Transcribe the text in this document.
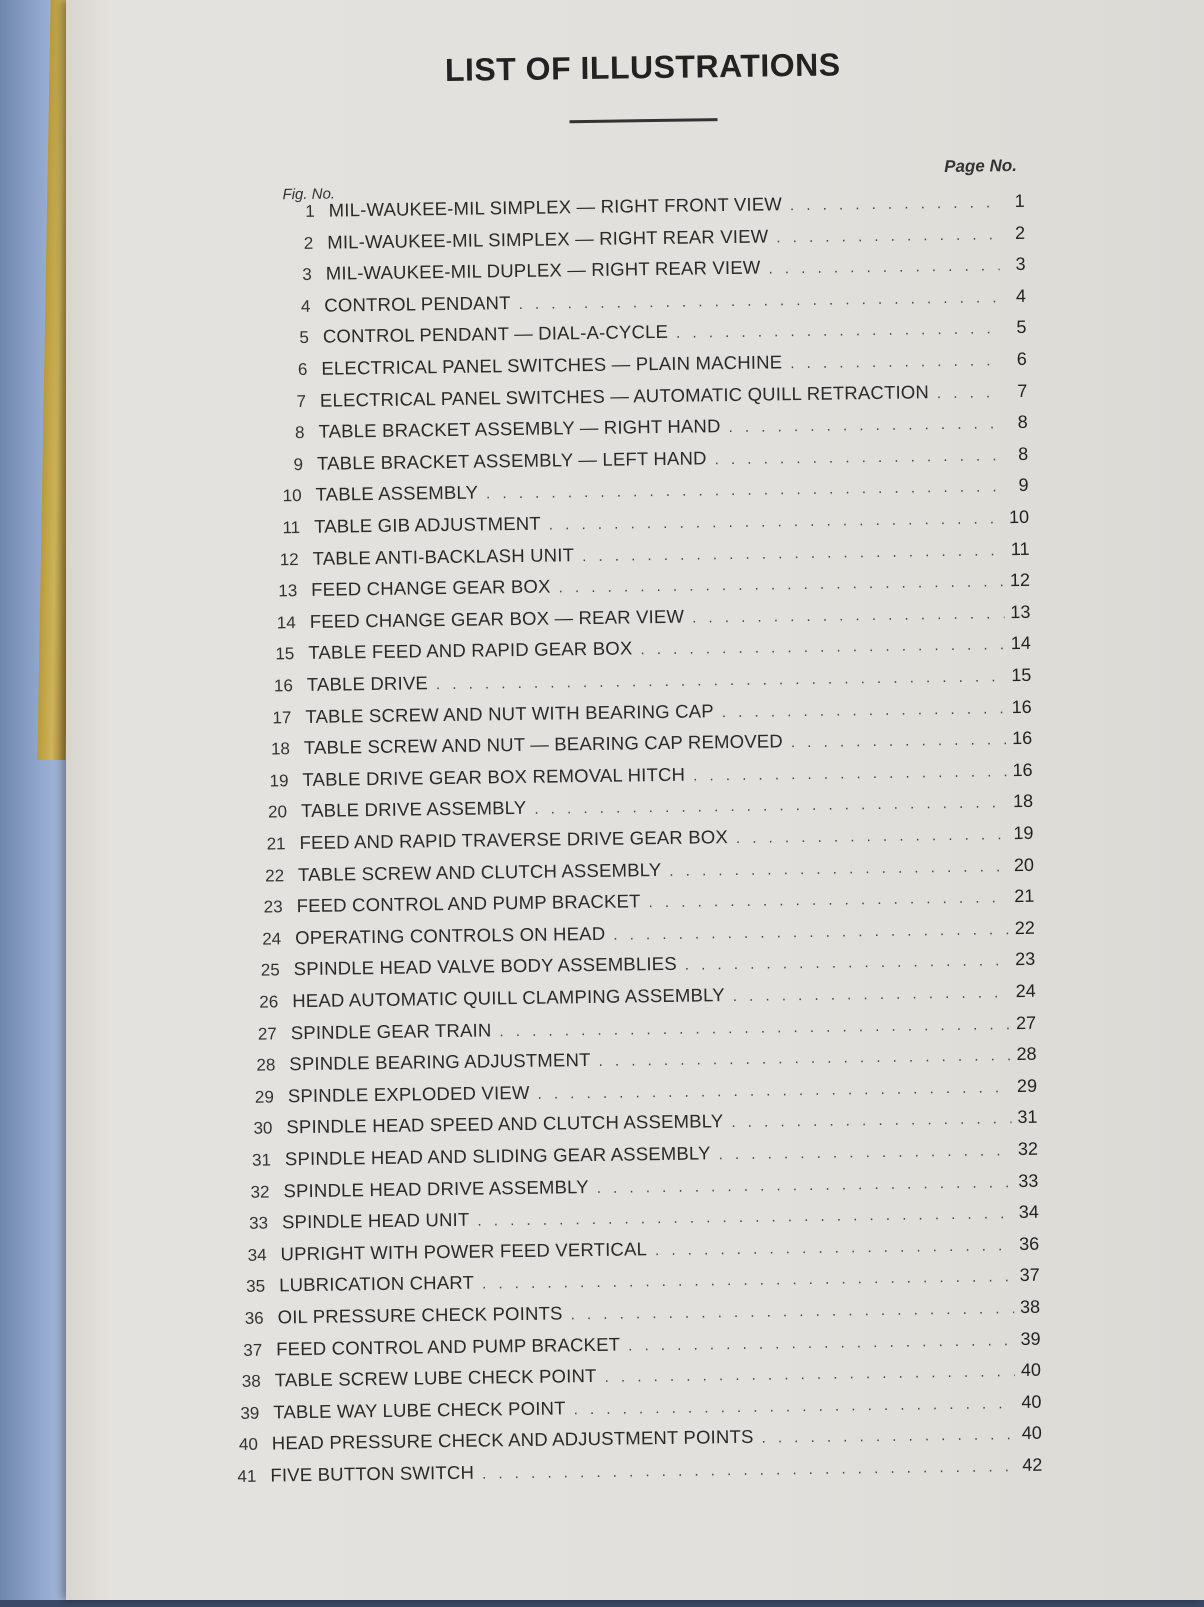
LIST OF ILLUSTRATIONS
Page No.
Fig. No.
1 MIL-WAUKEE-MIL SIMPLEX — RIGHT FRONT VIEW . . .	1
2 MIL-WAUKEE-MIL SIMPLEX — RIGHT REAR VIEW . . .	2
3 MIL-WAUKEE-MIL DUPLEX — RIGHT REAR VIEW . . .	3
4 CONTROL PENDANT . . .	4
5 CONTROL PENDANT — DIAL-A-CYCLE . . .	5
6 ELECTRICAL PANEL SWITCHES — PLAIN MACHINE . . .	6
7 ELECTRICAL PANEL SWITCHES — AUTOMATIC QUILL RETRACTION . . .	7
8 TABLE BRACKET ASSEMBLY — RIGHT HAND . . .	8
9 TABLE BRACKET ASSEMBLY — LEFT HAND . . .	8
10 TABLE ASSEMBLY . . .	9
11 TABLE GIB ADJUSTMENT . . .	10
12 TABLE ANTI-BACKLASH UNIT . . .	11
13 FEED CHANGE GEAR BOX . . .	12
14 FEED CHANGE GEAR BOX — REAR VIEW . . .	13
15 TABLE FEED AND RAPID GEAR BOX . . .	14
16 TABLE DRIVE . . .	15
17 TABLE SCREW AND NUT WITH BEARING CAP . . .	16
18 TABLE SCREW AND NUT — BEARING CAP REMOVED . . .	16
19 TABLE DRIVE GEAR BOX REMOVAL HITCH . . .	16
20 TABLE DRIVE ASSEMBLY . . .	18
21 FEED AND RAPID TRAVERSE DRIVE GEAR BOX . . .	19
22 TABLE SCREW AND CLUTCH ASSEMBLY . . .	20
23 FEED CONTROL AND PUMP BRACKET . . .	21
24 OPERATING CONTROLS ON HEAD . . .	22
25 SPINDLE HEAD VALVE BODY ASSEMBLIES . . .	23
26 HEAD AUTOMATIC QUILL CLAMPING ASSEMBLY . . .	24
27 SPINDLE GEAR TRAIN . . .	27
28 SPINDLE BEARING ADJUSTMENT . . .	28
29 SPINDLE EXPLODED VIEW . . .	29
30 SPINDLE HEAD SPEED AND CLUTCH ASSEMBLY . . .	31
31 SPINDLE HEAD AND SLIDING GEAR ASSEMBLY . . .	32
32 SPINDLE HEAD DRIVE ASSEMBLY . . .	33
33 SPINDLE HEAD UNIT . . .	34
34 UPRIGHT WITH POWER FEED VERTICAL . . .	36
35 LUBRICATION CHART . . .	37
36 OIL PRESSURE CHECK POINTS . . .	38
37 FEED CONTROL AND PUMP BRACKET . . .	39
38 TABLE SCREW LUBE CHECK POINT . . .	40
39 TABLE WAY LUBE CHECK POINT . . .	40
40 HEAD PRESSURE CHECK AND ADJUSTMENT POINTS . . .	40
41 FIVE BUTTON SWITCH . . .	42
